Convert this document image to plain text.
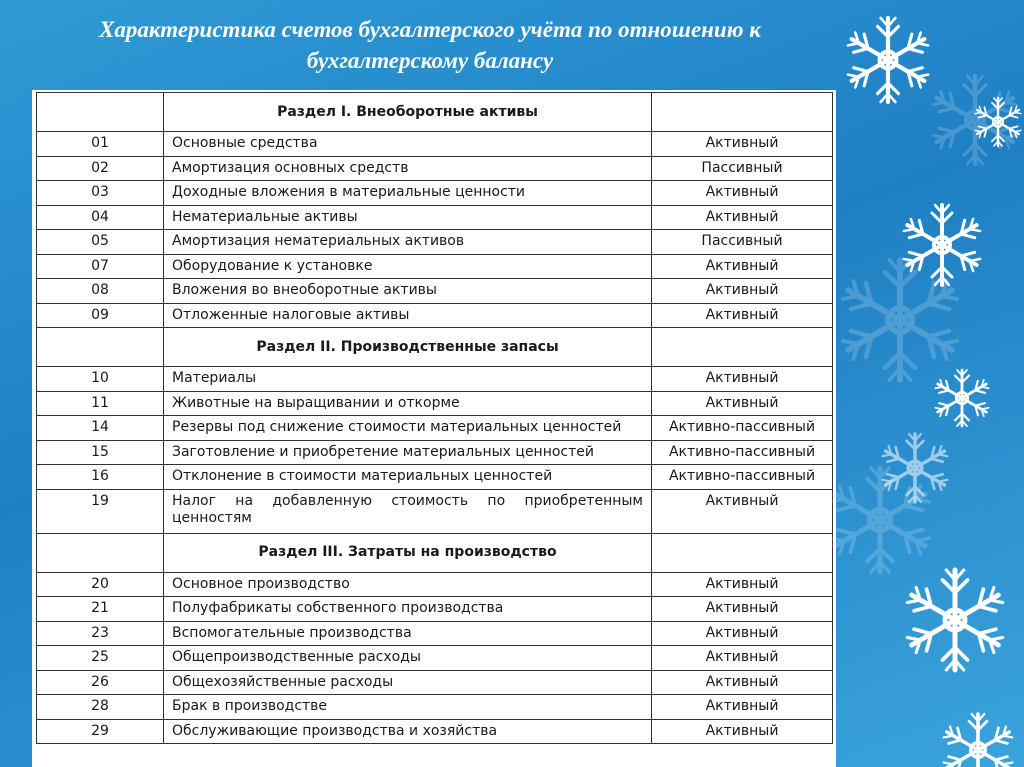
Характеристика счетов бухгалтерского учёта по отношению к
бухгалтерскому балансу
	Раздел I. Внеоборотные активы	
01	Основные средства	Активный
02	Амортизация основных средств	Пассивный
03	Доходные вложения в материальные ценности	Активный
04	Нематериальные активы	Активный
05	Амортизация нематериальных активов	Пассивный
07	Оборудование к установке	Активный
08	Вложения во внеоборотные активы	Активный
09	Отложенные налоговые активы	Активный
	Раздел II. Производственные запасы	
10	Материалы	Активный
11	Животные на выращивании и откорме	Активный
14	Резервы под снижение стоимости материальных ценностей	Активно-пассивный
15	Заготовление и приобретение материальных ценностей	Активно-пассивный
16	Отклонение в стоимости материальных ценностей	Активно-пассивный
19	Налог на добавленную стоимость по приобретенным ценностям	Активный
	Раздел III. Затраты на производство	
20	Основное производство	Активный
21	Полуфабрикаты собственного производства	Активный
23	Вспомогательные производства	Активный
25	Общепроизводственные расходы	Активный
26	Общехозяйственные расходы	Активный
28	Брак в производстве	Активный
29	Обслуживающие производства и хозяйства	Активный
